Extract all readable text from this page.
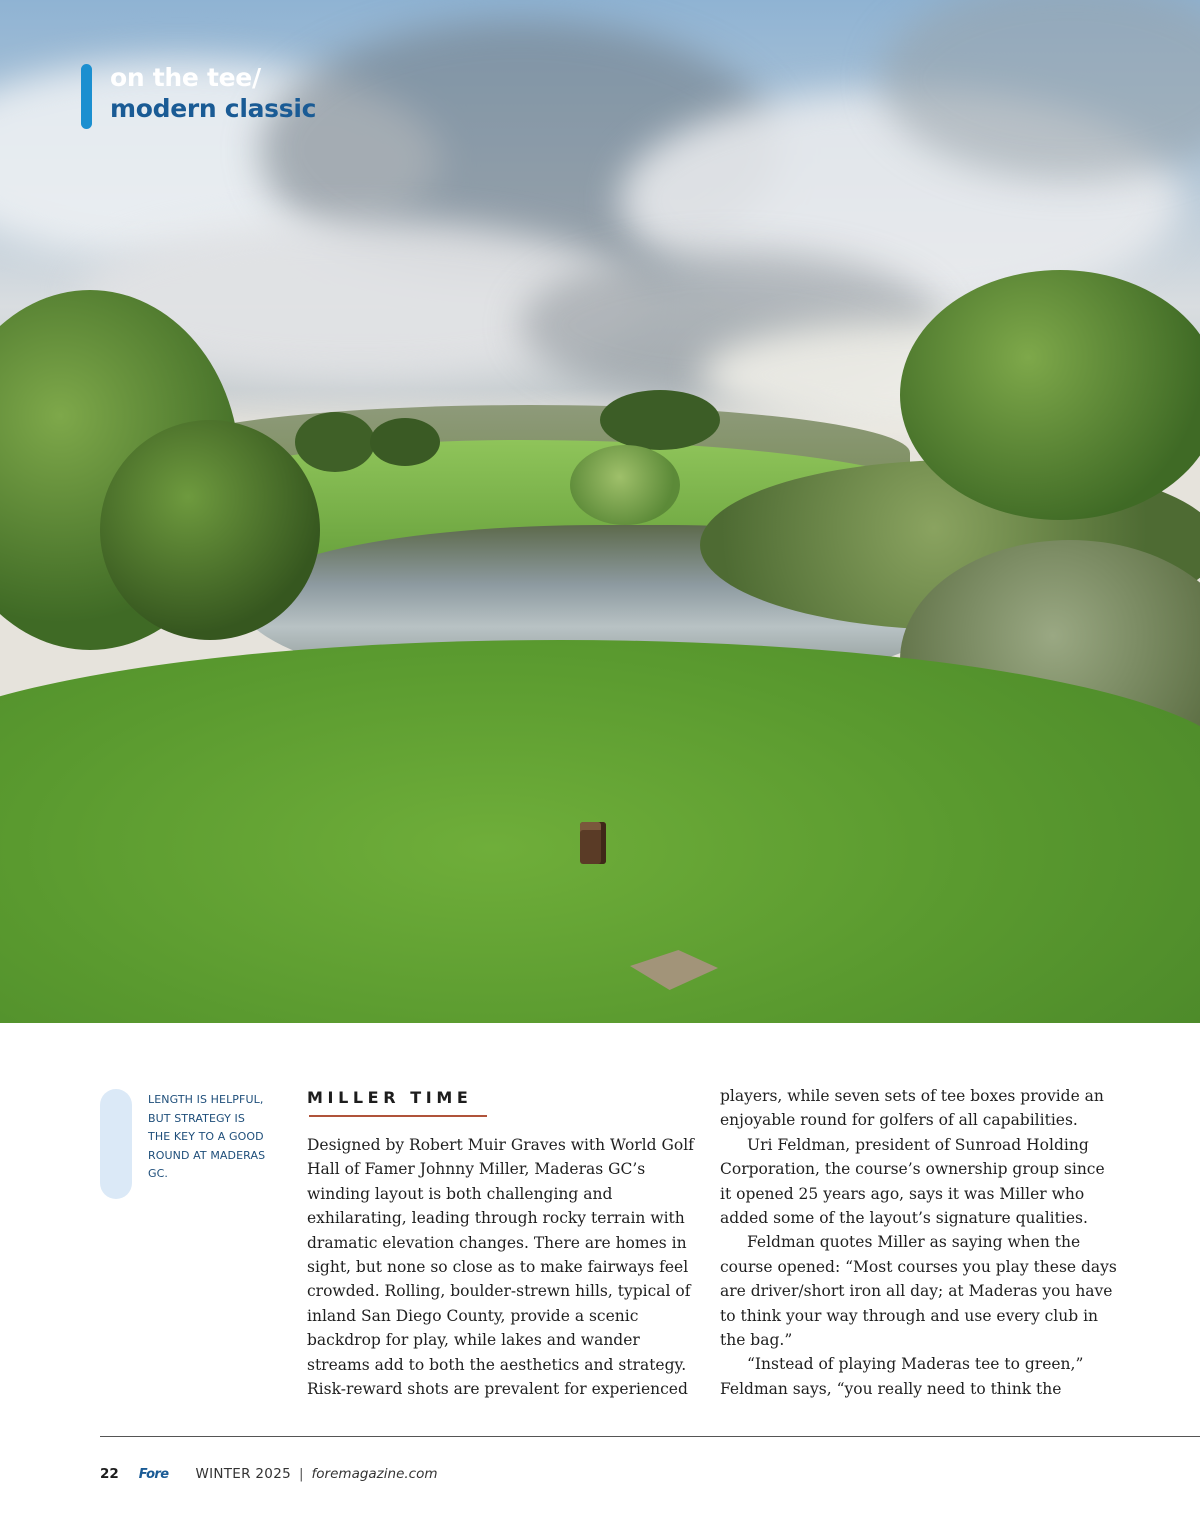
on the tee/
modern classic
LENGTH IS HELPFUL, BUT STRATEGY IS THE KEY TO A GOOD ROUND AT MADERAS GC.
MILLER TIME

Designed by Robert Muir Graves with World Golf Hall of Famer Johnny Miller, Maderas GC’s winding layout is both challenging and exhilarating, leading through rocky terrain with dramatic elevation changes. There are homes in sight, but none so close as to make fairways feel crowded. Rolling, boulder-strewn hills, typical of inland San Diego County, provide a scenic backdrop for play, while lakes and wander streams add to both the aesthetics and strategy. Risk-reward shots are prevalent for experienced

players, while seven sets of tee boxes provide an enjoyable round for golfers of all capabilities.

Uri Feldman, president of Sunroad Holding Corporation, the course’s ownership group since it opened 25 years ago, says it was Miller who added some of the layout’s signature qualities.

Feldman quotes Miller as saying when the course opened: “Most courses you play these days are driver/short iron all day; at Maderas you have to think your way through and use every club in the bag.”

“Instead of playing Maderas tee to green,” Feldman says, “you really need to think the

22 Fore WINTER 2025 | foremagazine.com
